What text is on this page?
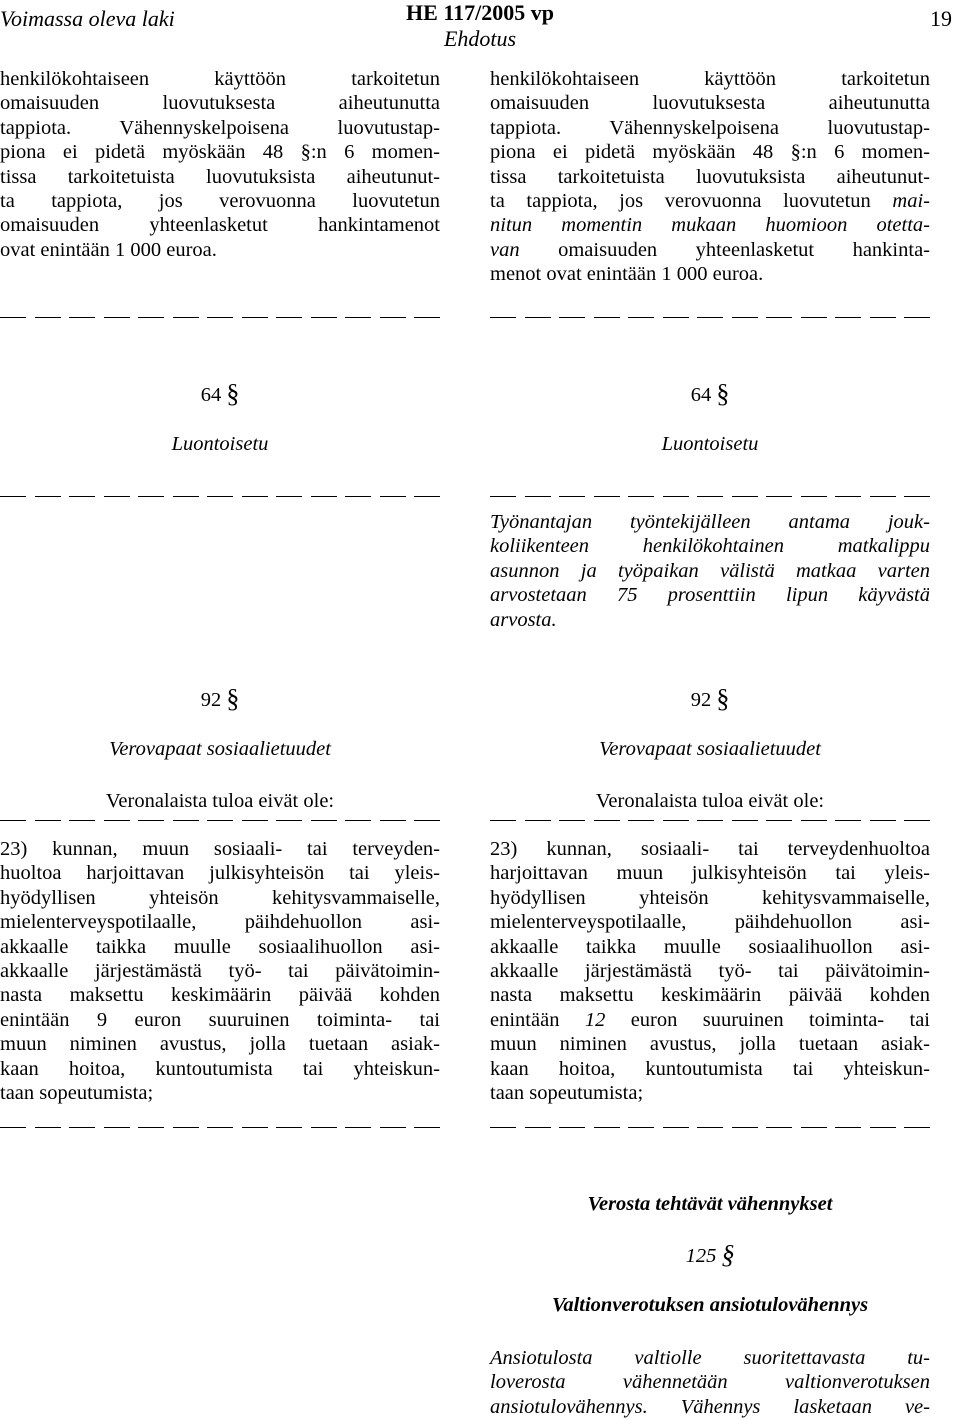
Voimassa oleva laki	HE 117/2005 vp
Ehdotus
19

henkilökohtaiseen käyttöön tarkoitetun

omaisuuden luovutuksesta aiheutunutta

tappiota. Vähennyskelpoisena luovutustap-

piona ei pidetä myöskään 48 §:n 6 momen-

tissa tarkoitetuista luovutuksista aiheutunut-

ta tappiota, jos verovuonna luovutetun

omaisuuden yhteenlasketut hankintamenot

ovat enintään 1 000 euroa.

henkilökohtaiseen käyttöön tarkoitetun

omaisuuden luovutuksesta aiheutunutta

tappiota. Vähennyskelpoisena luovutustap-

piona ei pidetä myöskään 48 §:n 6 momen-

tissa tarkoitetuista luovutuksista aiheutunut-

ta tappiota, jos verovuonna luovutetun mai-

nitun momentin mukaan huomioon otetta-

van omaisuuden yhteenlasketut hankinta-

menot ovat enintään 1 000 euroa.

64 §
Luontoisetu
64 §
Luontoisetu

Työnantajan työntekijälleen antama jouk-

koliikenteen henkilökohtainen matkalippu

asunnon ja työpaikan välistä matkaa varten

arvostetaan 75 prosenttiin lipun käyvästä

arvosta.

92 §
Verovapaat sosiaalietuudet
92 §
Verovapaat sosiaalietuudet
Veronalaista tuloa eivät ole:	Veronalaista tuloa eivät ole:

23) kunnan, muun sosiaali- tai terveyden-

huoltoa harjoittavan julkisyhteisön tai yleis-

hyödyllisen yhteisön kehitysvammaiselle,

mielenterveyspotilaalle, päihdehuollon asi-

akkaalle taikka muulle sosiaalihuollon asi-

akkaalle järjestämästä työ- tai päivätoimin-

nasta maksettu keskimäärin päivää kohden

enintään 9 euron suuruinen toiminta- tai

muun niminen avustus, jolla tuetaan asiak-

kaan hoitoa, kuntoutumista tai yhteiskun-

taan sopeutumista;

23) kunnan, sosiaali- tai terveydenhuoltoa

harjoittavan muun julkisyhteisön tai yleis-

hyödyllisen yhteisön kehitysvammaiselle,

mielenterveyspotilaalle, päihdehuollon asi-

akkaalle taikka muulle sosiaalihuollon asi-

akkaalle järjestämästä työ- tai päivätoimin-

nasta maksettu keskimäärin päivää kohden

enintään 12 euron suuruinen toiminta- tai

muun niminen avustus, jolla tuetaan asiak-

kaan hoitoa, kuntoutumista tai yhteiskun-

taan sopeutumista;

Verosta tehtävät vähennykset
125 §
Valtionverotuksen ansiotulovähennys

Ansiotulosta valtiolle suoritettavasta tu-

loverosta vähennetään valtionverotuksen

ansiotulovähennys. Vähennys lasketaan ve-
